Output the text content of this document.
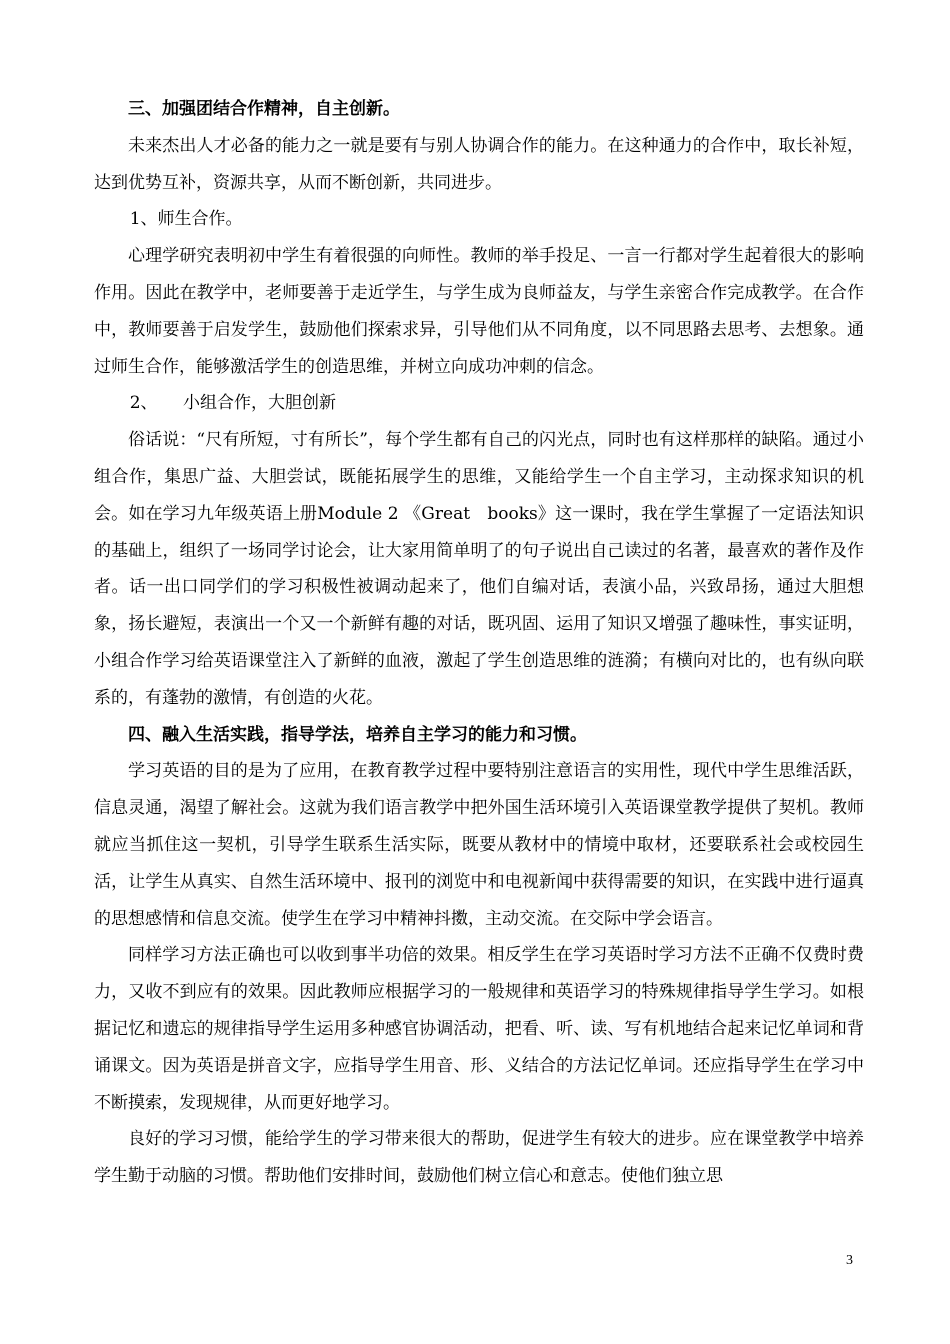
三、加强团结合作精神，自主创新。

未来杰出人才必备的能力之一就是要有与别人协调合作的能力。在这种通力的合作中，取长补短，达到优势互补，资源共享，从而不断创新，共同进步。

1、师生合作。

心理学研究表明初中学生有着很强的向师性。教师的举手投足、一言一行都对学生起着很大的影响作用。因此在教学中，老师要善于走近学生，与学生成为良师益友，与学生亲密合作完成教学。在合作中，教师要善于启发学生，鼓励他们探索求异，引导他们从不同角度，以不同思路去思考、去想象。通过师生合作，能够激活学生的创造思维，并树立向成功冲刺的信念。

2、　　小组合作，大胆创新

俗话说：“尺有所短，寸有所长”，每个学生都有自己的闪光点，同时也有这样那样的缺陷。通过小组合作，集思广益、大胆尝试，既能拓展学生的思维，又能给学生一个自主学习，主动探求知识的机会。如在学习九年级英语上册Module 2 《Great　books》这一课时，我在学生掌握了一定语法知识的基础上，组织了一场同学讨论会，让大家用简单明了的句子说出自己读过的名著，最喜欢的著作及作者。话一出口同学们的学习积极性被调动起来了，他们自编对话，表演小品，兴致昂扬，通过大胆想象，扬长避短，表演出一个又一个新鲜有趣的对话，既巩固、运用了知识又增强了趣味性，事实证明，小组合作学习给英语课堂注入了新鲜的血液，激起了学生创造思维的涟漪；有横向对比的，也有纵向联系的，有蓬勃的激情，有创造的火花。

四、融入生活实践，指导学法，培养自主学习的能力和习惯。

学习英语的目的是为了应用，在教育教学过程中要特别注意语言的实用性，现代中学生思维活跃，信息灵通，渴望了解社会。这就为我们语言教学中把外国生活环境引入英语课堂教学提供了契机。教师就应当抓住这一契机，引导学生联系生活实际，既要从教材中的情境中取材，还要联系社会或校园生活，让学生从真实、自然生活环境中、报刊的浏览中和电视新闻中获得需要的知识，在实践中进行逼真的思想感情和信息交流。使学生在学习中精神抖擞，主动交流。在交际中学会语言。

同样学习方法正确也可以收到事半功倍的效果。相反学生在学习英语时学习方法不正确不仅费时费力，又收不到应有的效果。因此教师应根据学习的一般规律和英语学习的特殊规律指导学生学习。如根据记忆和遗忘的规律指导学生运用多种感官协调活动，把看、听、读、写有机地结合起来记忆单词和背诵课文。因为英语是拼音文字，应指导学生用音、形、义结合的方法记忆单词。还应指导学生在学习中不断摸索，发现规律，从而更好地学习。

良好的学习习惯，能给学生的学习带来很大的帮助，促进学生有较大的进步。应在课堂教学中培养学生勤于动脑的习惯。帮助他们安排时间，鼓励他们树立信心和意志。使他们独立思

3
